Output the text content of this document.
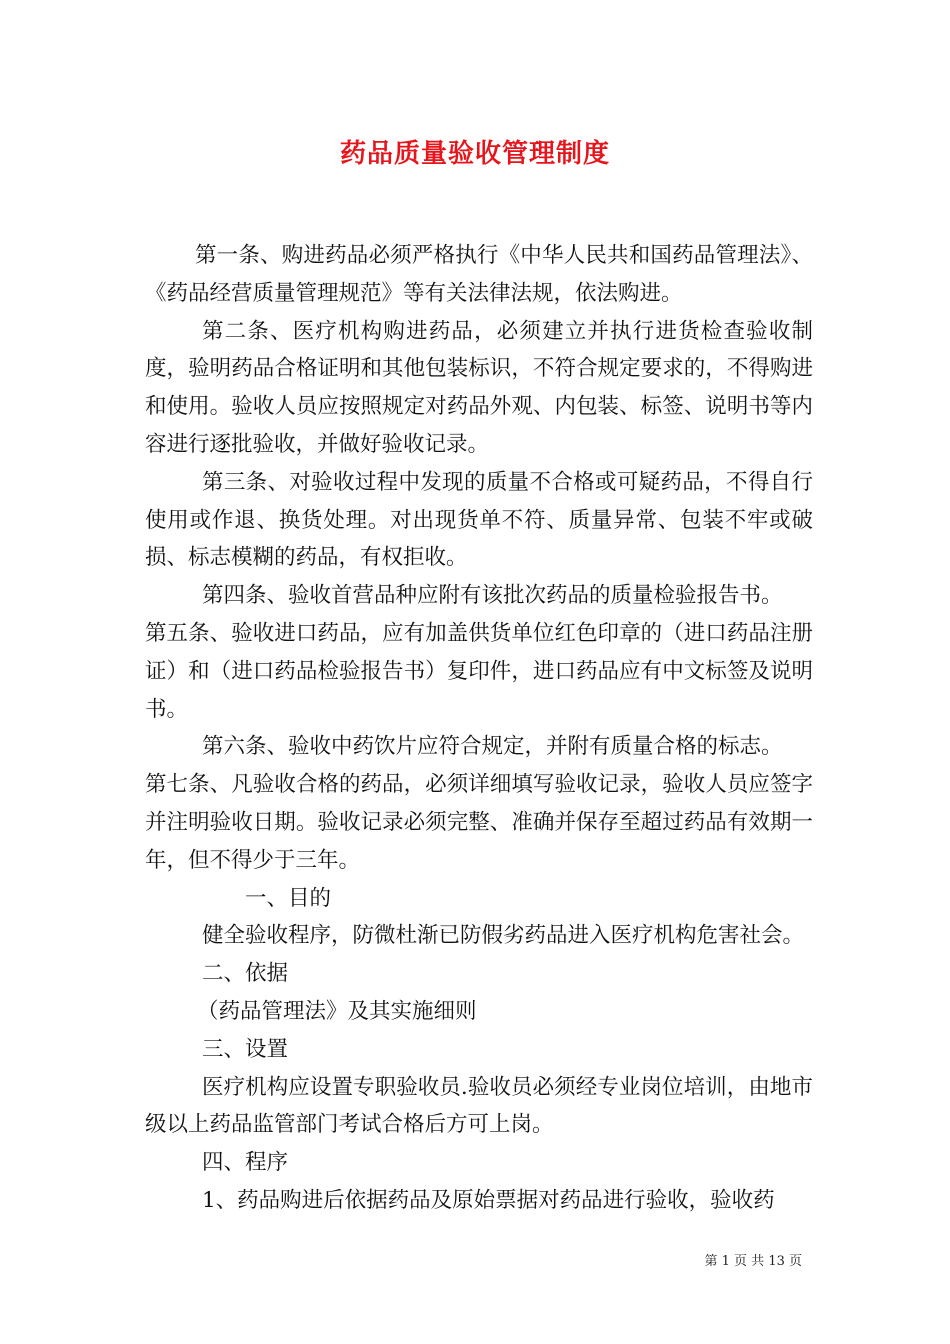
药品质量验收管理制度

第一条、购进药品必须严格执行《中华人民共和国药品管理法》、《药品经营质量管理规范》等有关法律法规，依法购进。

第二条、医疗机构购进药品，必须建立并执行进货检查验收制度，验明药品合格证明和其他包装标识，不符合规定要求的，不得购进和使用。验收人员应按照规定对药品外观、内包装、标签、说明书等内容进行逐批验收，并做好验收记录。

第三条、对验收过程中发现的质量不合格或可疑药品，不得自行使用或作退、换货处理。对出现货单不符、质量异常、包装不牢或破损、标志模糊的药品，有权拒收。

第四条、验收首营品种应附有该批次药品的质量检验报告书。

第五条、验收进口药品，应有加盖供货单位红色印章的（进口药品注册证）和（进口药品检验报告书）复印件，进口药品应有中文标签及说明书。

第六条、验收中药饮片应符合规定，并附有质量合格的标志。

第七条、凡验收合格的药品，必须详细填写验收记录，验收人员应签字并注明验收日期。验收记录必须完整、准确并保存至超过药品有效期一年，但不得少于三年。

一、目的

健全验收程序，防微杜渐已防假劣药品进入医疗机构危害社会。

二、依据

（药品管理法》及其实施细则

三、设置

医疗机构应设置专职验收员.验收员必须经专业岗位培训，由地市级以上药品监管部门考试合格后方可上岗。

四、程序

1、药品购进后依据药品及原始票据对药品进行验收，验收药

第 1 页 共 13 页
